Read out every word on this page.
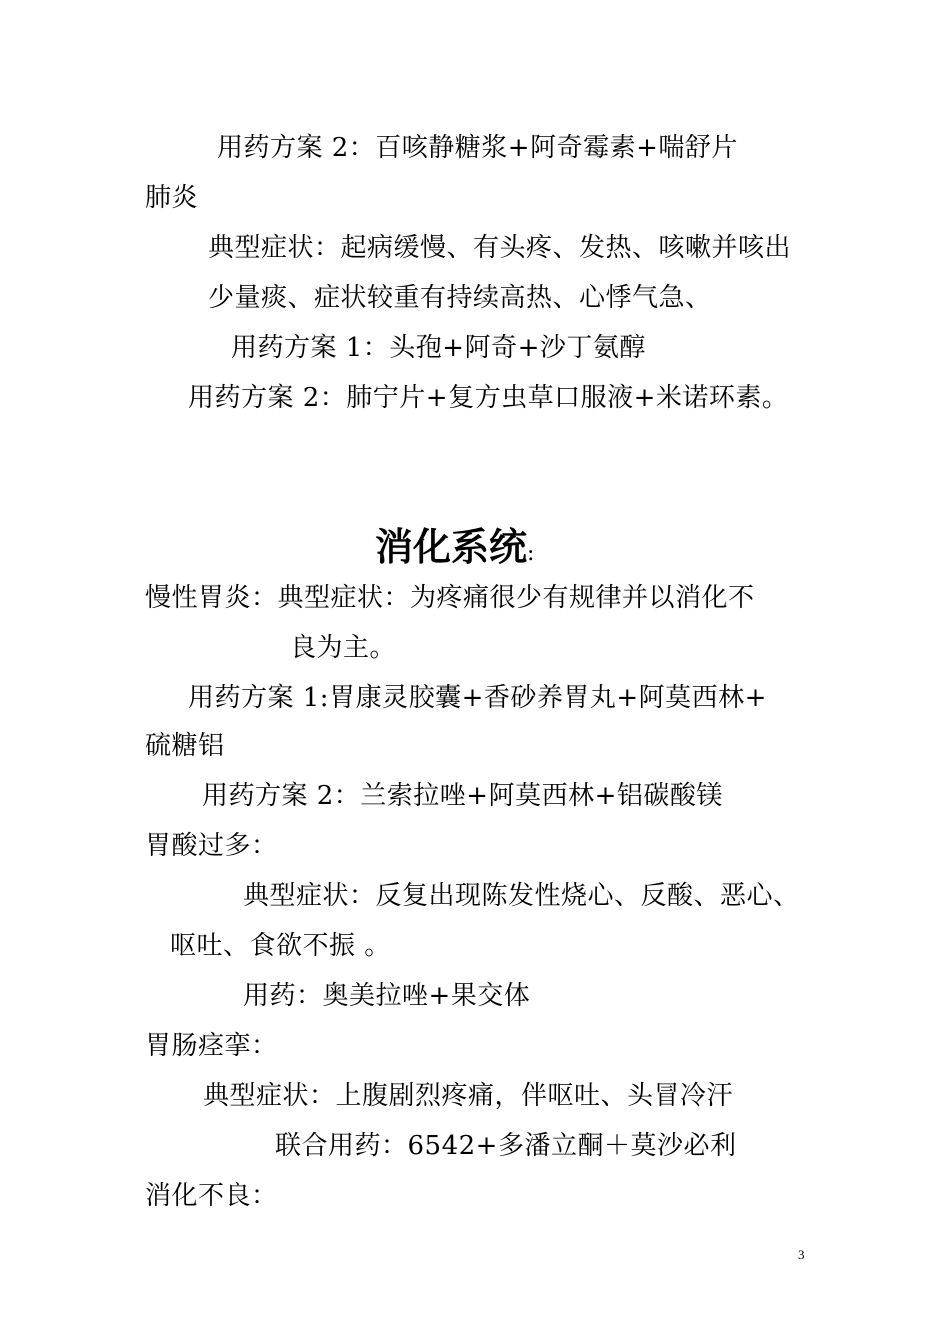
用药方案 2：百咳静糖浆+阿奇霉素+喘舒片
肺炎
典型症状：起病缓慢、有头疼、发热、咳嗽并咳出
少量痰、症状较重有持续高热、心悸气急、
用药方案 1：头孢+阿奇+沙丁氨醇
用药方案 2：肺宁片+复方虫草口服液+米诺环素。
消化系统:
慢性胃炎：典型症状：为疼痛很少有规律并以消化不
良为主。
用药方案 1:胃康灵胶囊+香砂养胃丸+阿莫西林+
硫糖铝
用药方案 2：兰索拉唑+阿莫西林+铝碳酸镁
胃酸过多：
典型症状：反复出现陈发性烧心、反酸、恶心、
呕吐、食欲不振 。
用药：奥美拉唑+果交体
胃肠痉挛：
典型症状：上腹剧烈疼痛，伴呕吐、头冒冷汗
联合用药：6542+多潘立酮＋莫沙必利
消化不良：
3
